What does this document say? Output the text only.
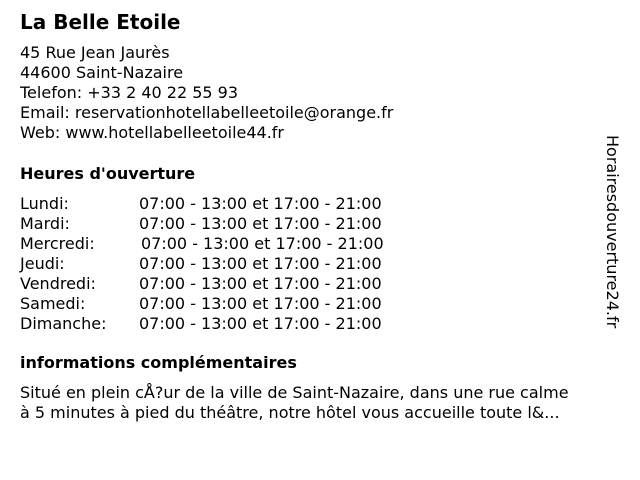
La Belle Etoile
45 Rue Jean Jaurès
44600 Saint-Nazaire
Telefon: +33 2 40 22 55 93
Email: reservationhotellabelleetoile@orange.fr
Web: www.hotellabelleetoile44.fr
Heures d'ouverture
Lundi:	07:00 - 13:00 et 17:00 - 21:00
Mardi:	07:00 - 13:00 et 17:00 - 21:00
Mercredi:	07:00 - 13:00 et 17:00 - 21:00
Jeudi:	07:00 - 13:00 et 17:00 - 21:00
Vendredi:	07:00 - 13:00 et 17:00 - 21:00
Samedi:	07:00 - 13:00 et 17:00 - 21:00
Dimanche:	07:00 - 13:00 et 17:00 - 21:00
informations complémentaires
Situé en plein cÅ?ur de la ville de Saint-Nazaire, dans une rue calme
à 5 minutes à pied du théâtre, notre hôtel vous accueille toute l&...
Horairesdouverture24.fr
